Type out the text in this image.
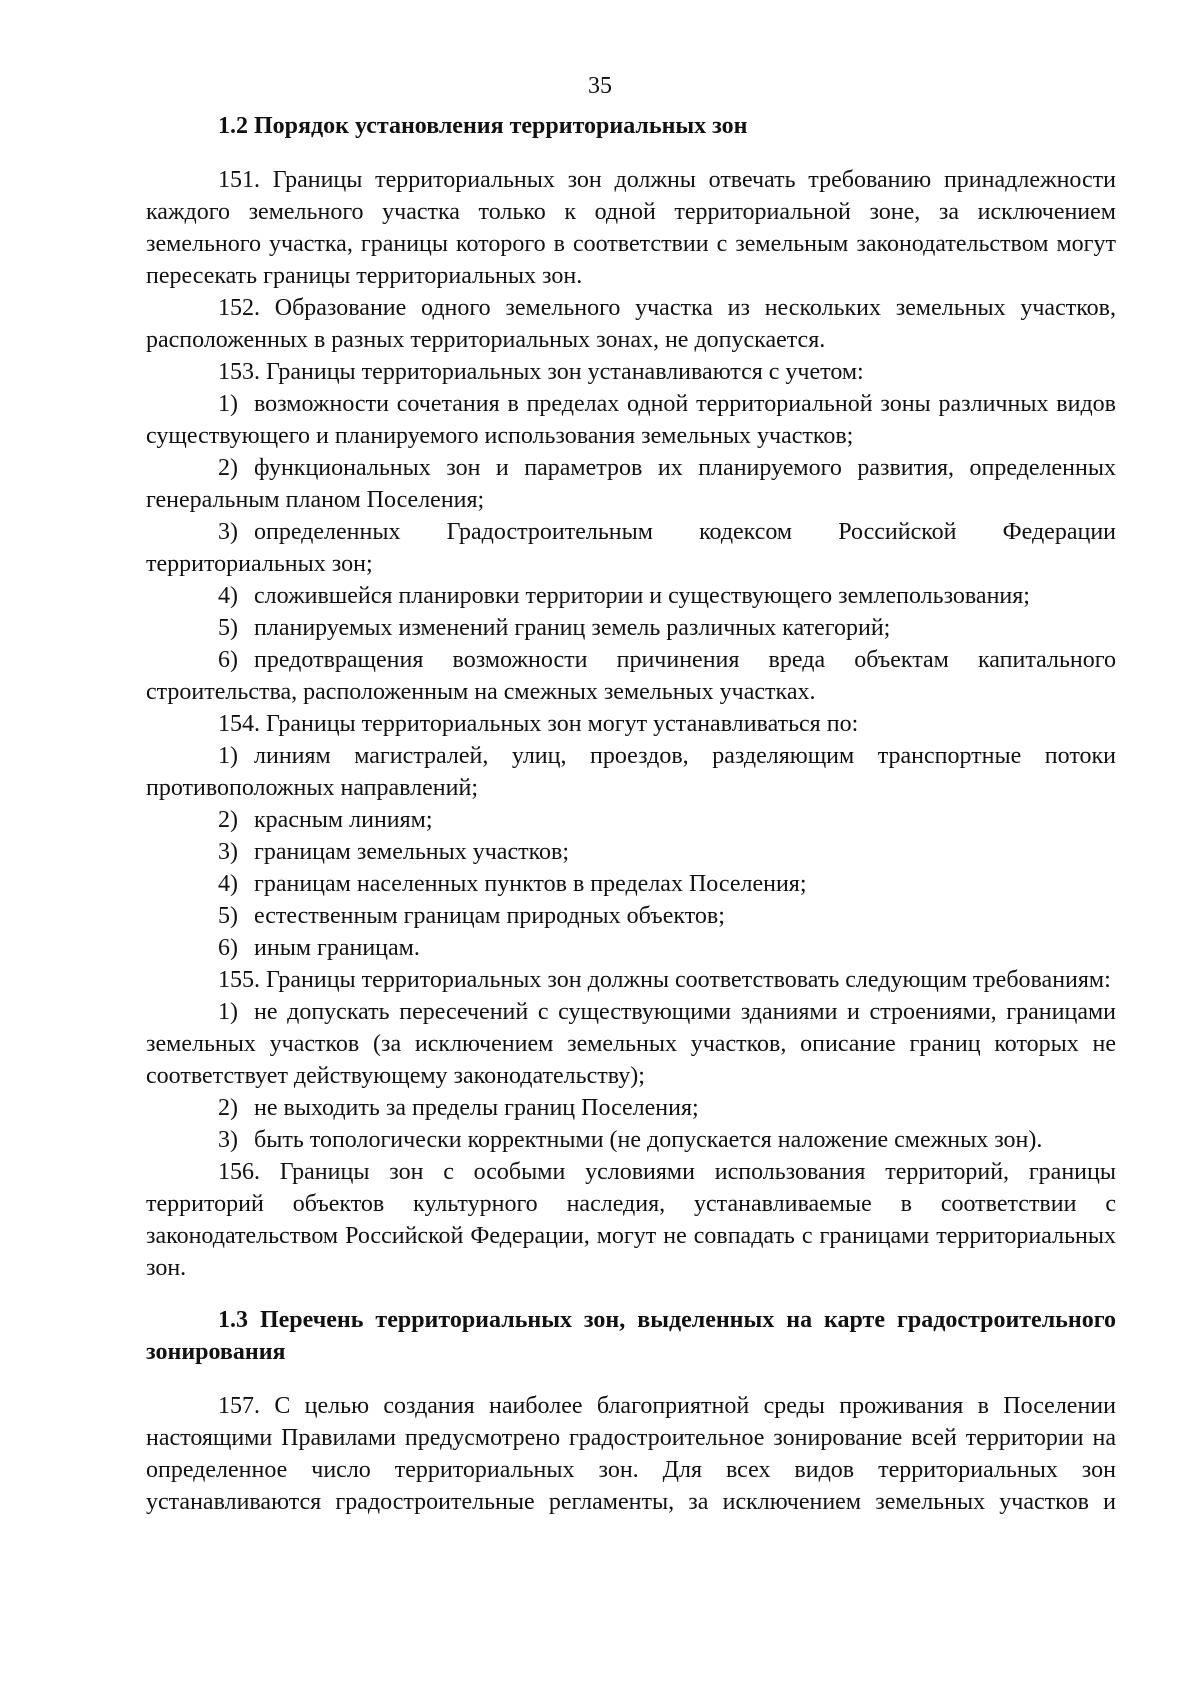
35

1.2 Порядок установления территориальных зон

151. Границы территориальных зон должны отвечать требованию принадлежности каждого земельного участка только к одной территориальной зоне, за исключением земельного участка, границы которого в соответствии с земельным законодательством могут пересекать границы территориальных зон.

152. Образование одного земельного участка из нескольких земельных участков, расположенных в разных территориальных зонах, не допускается.

153. Границы территориальных зон устанавливаются с учетом:

1) возможности сочетания в пределах одной территориальной зоны различных видов существующего и планируемого использования земельных участков;

2) функциональных зон и параметров их планируемого развития, определенных генеральным планом Поселения;

3) определенных Градостроительным кодексом Российской Федерации территориальных зон;

4) сложившейся планировки территории и существующего землепользования;

5) планируемых изменений границ земель различных категорий;

6) предотвращения возможности причинения вреда объектам капитального строительства, расположенным на смежных земельных участках.

154. Границы территориальных зон могут устанавливаться по:

1) линиям магистралей, улиц, проездов, разделяющим транспортные потоки противоположных направлений;

2) красным линиям;

3) границам земельных участков;

4) границам населенных пунктов в пределах Поселения;

5) естественным границам природных объектов;

6) иным границам.

155. Границы территориальных зон должны соответствовать следующим требованиям:

1) не допускать пересечений с существующими зданиями и строениями, границами земельных участков (за исключением земельных участков, описание границ которых не соответствует действующему законодательству);

2) не выходить за пределы границ Поселения;

3) быть топологически корректными (не допускается наложение смежных зон).

156. Границы зон с особыми условиями использования территорий, границы территорий объектов культурного наследия, устанавливаемые в соответствии с законодательством Российской Федерации, могут не совпадать с границами территориальных зон.

1.3 Перечень территориальных зон, выделенных на карте градостроительного зонирования

157. С целью создания наиболее благоприятной среды проживания в Поселении настоящими Правилами предусмотрено градостроительное зонирование всей территории на определенное число территориальных зон. Для всех видов территориальных зон устанавливаются градостроительные регламенты, за исключением земельных участков и
